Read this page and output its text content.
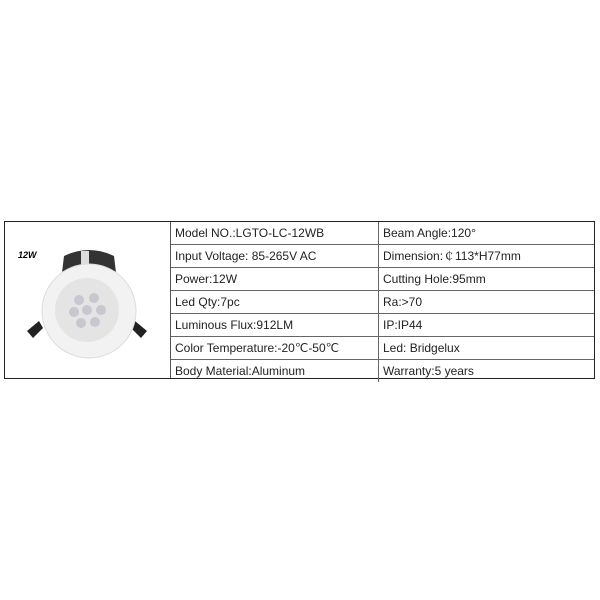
12W
Model NO.:LGTO-LC-12WB	Beam Angle:120°
Input Voltage: 85-265V AC	Dimension:￠113*H77mm
Power:12W	Cutting Hole:95mm
Led Qty:7pc	Ra:>70
Luminous Flux:912LM	IP:IP44
Color Temperature:-20℃-50℃	Led: Bridgelux
Body Material:Aluminum	Warranty:5 years
